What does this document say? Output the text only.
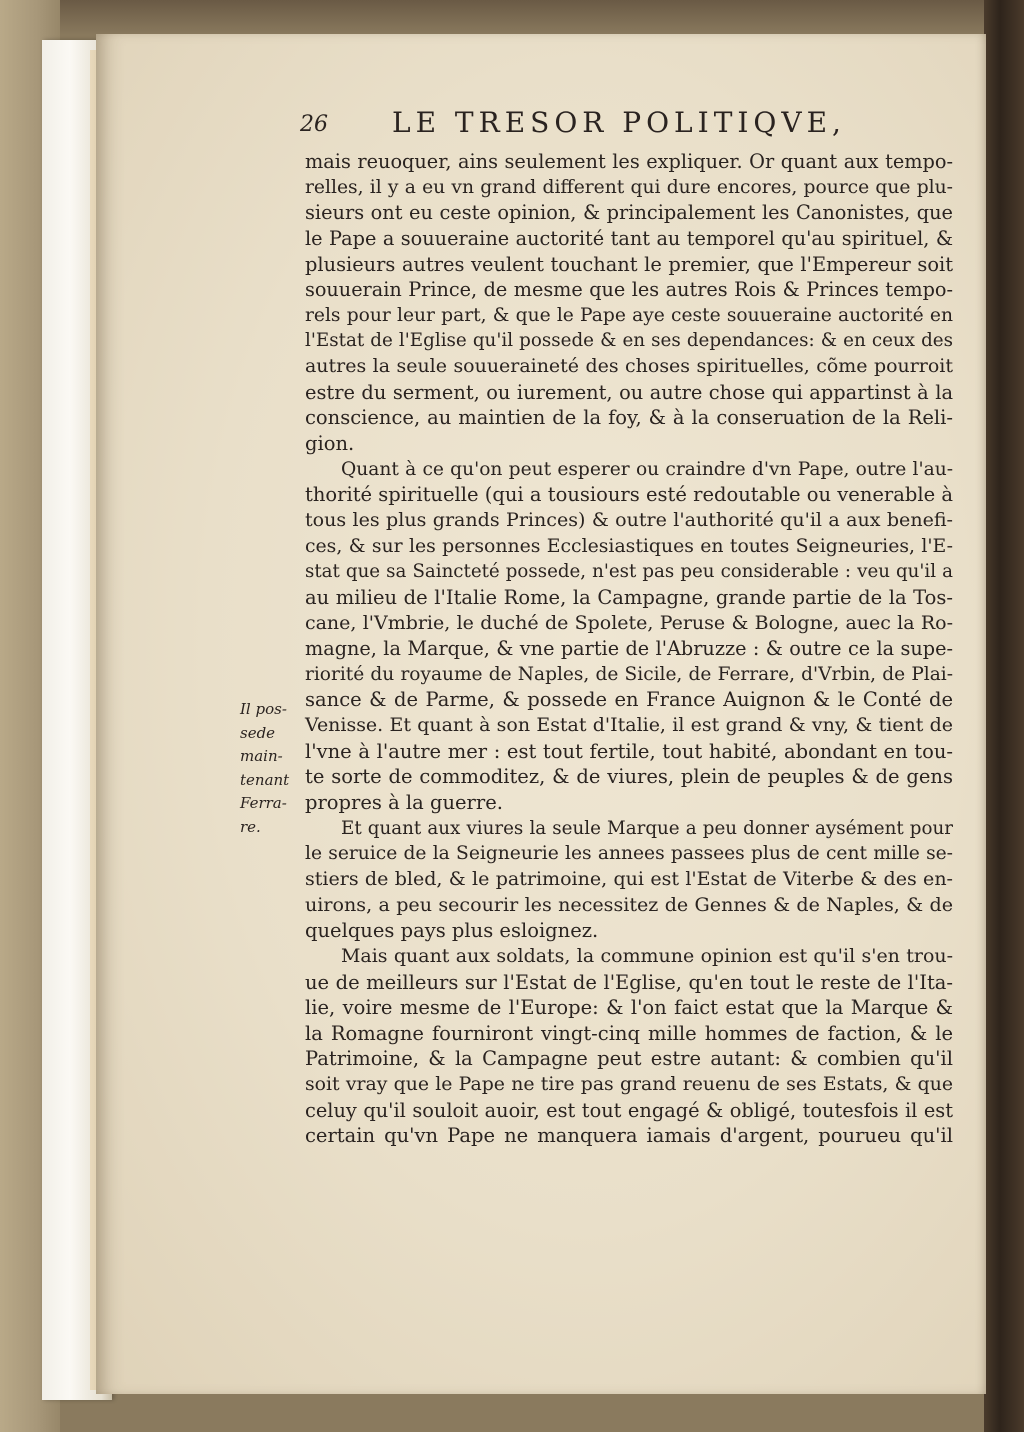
26 LE TRESOR POLITIQVE,
Il pos-
sede
main-
tenant
Ferra-
re.
mais reuoquer, ains seulement les expliquer. Or quant aux tempo-
relles, il y a eu vn grand different qui dure encores, pource que plu-
sieurs ont eu ceste opinion, & principalement les Canonistes, que
le Pape a souueraine auctorité tant au temporel qu'au spirituel, &
plusieurs autres veulent touchant le premier, que l'Empereur soit
souuerain Prince, de mesme que les autres Rois & Princes tempo-
rels pour leur part, & que le Pape aye ceste souueraine auctorité en
l'Estat de l'Eglise qu'il possede & en ses dependances: & en ceux des
autres la seule souueraineté des choses spirituelles, cõme pourroit
estre du serment, ou iurement, ou autre chose qui appartinst à la
conscience, au maintien de la foy, & à la conseruation de la Reli-
gion.
Quant à ce qu'on peut esperer ou craindre d'vn Pape, outre l'au-
thorité spirituelle (qui a tousiours esté redoutable ou venerable à
tous les plus grands Princes) & outre l'authorité qu'il a aux benefi-
ces, & sur les personnes Ecclesiastiques en toutes Seigneuries, l'E-
stat que sa Saincteté possede, n'est pas peu considerable : veu qu'il a
au milieu de l'Italie Rome, la Campagne, grande partie de la Tos-
cane, l'Vmbrie, le duché de Spolete, Peruse & Bologne, auec la Ro-
magne, la Marque, & vne partie de l'Abruzze : & outre ce la supe-
riorité du royaume de Naples, de Sicile, de Ferrare, d'Vrbin, de Plai-
sance & de Parme, & possede en France Auignon & le Conté de
Venisse. Et quant à son Estat d'Italie, il est grand & vny, & tient de
l'vne à l'autre mer : est tout fertile, tout habité, abondant en tou-
te sorte de commoditez, & de viures, plein de peuples & de gens
propres à la guerre.
Et quant aux viures la seule Marque a peu donner aysément pour
le seruice de la Seigneurie les annees passees plus de cent mille se-
stiers de bled, & le patrimoine, qui est l'Estat de Viterbe & des en-
uirons, a peu secourir les necessitez de Gennes & de Naples, & de
quelques pays plus esloignez.
Mais quant aux soldats, la commune opinion est qu'il s'en trou-
ue de meilleurs sur l'Estat de l'Eglise, qu'en tout le reste de l'Ita-
lie, voire mesme de l'Europe: & l'on faict estat que la Marque &
la Romagne fourniront vingt-cinq mille hommes de faction, & le
Patrimoine, & la Campagne peut estre autant: & combien qu'il
soit vray que le Pape ne tire pas grand reuenu de ses Estats, & que
celuy qu'il souloit auoir, est tout engagé & obligé, toutesfois il est
certain qu'vn Pape ne manquera iamais d'argent, pourueu qu'il
